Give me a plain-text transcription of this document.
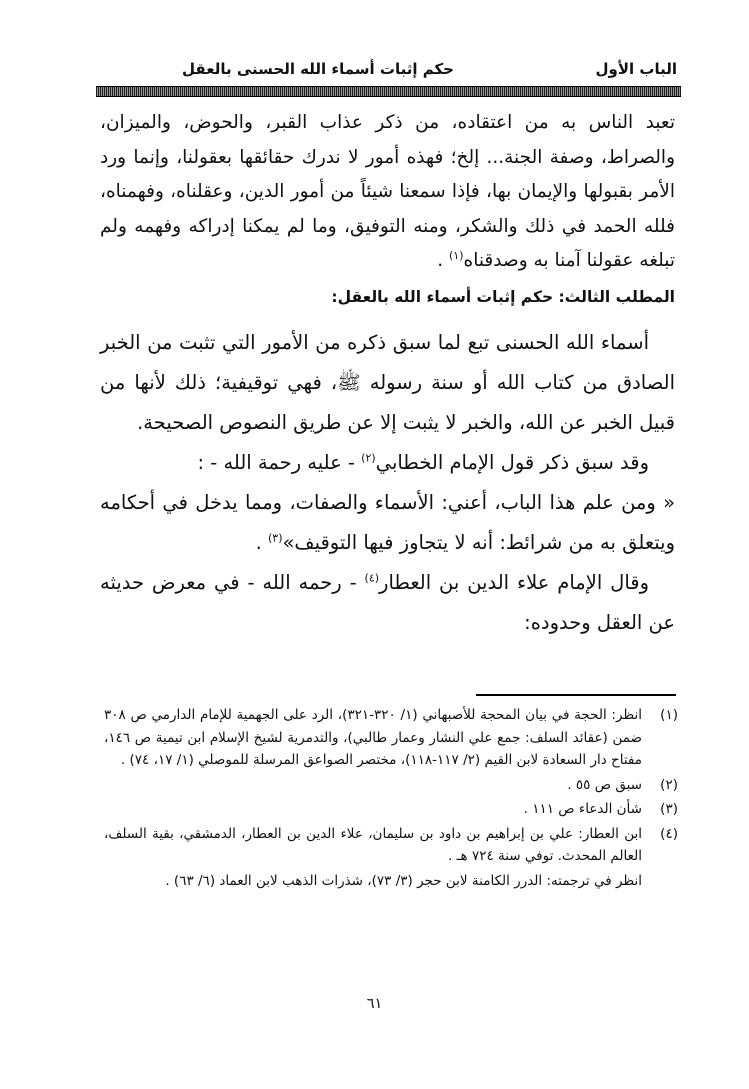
الباب الأول
حكم إثبات أسماء الله الحسنى بالعقل

تعبد الناس به من اعتقاده، من ذكر عذاب القبر، والحوض، والميزان، والصراط، وصفة الجنة... إلخ؛ فهذه أمور لا ندرك حقائقها بعقولنا، وإنما ورد الأمر بقبولها والإيمان بها، فإذا سمعنا شيئاً من أمور الدين، وعقلناه، وفهمناه، فلله الحمد في ذلك والشكر، ومنه التوفيق، وما لم يمكنا إدراكه وفهمه ولم تبلغه عقولنا آمنا به وصدقناه$^{(١)}$ .

المطلب الثالث: حكم إثبات أسماء الله بالعقل:

أسماء الله الحسنى تبع لما سبق ذكره من الأمور التي تثبت من الخبر الصادق من كتاب الله أو سنة رسوله ﷺ، فهي توقيفية؛ ذلك لأنها من قبيل الخبر عن الله، والخبر لا يثبت إلا عن طريق النصوص الصحيحة.

وقد سبق ذكر قول الإمام الخطابي$^{(٢)}$ - عليه رحمة الله - :

« ومن علم هذا الباب، أعني: الأسماء والصفات، ومما يدخل في أحكامه ويتعلق به من شرائط: أنه لا يتجاوز فيها التوقيف»$^{(٣)}$ .

وقال الإمام علاء الدين بن العطار$^{(٤)}$ - رحمه الله - في معرض حديثه عن العقل وحدوده:

(١)
انظر: الحجة في بيان المحجة للأصبهاني (١/ ٣٢٠-٣٢١)، الرد على الجهمية للإمام الدارمي ص ٣٠٨ ضمن (عقائد السلف: جمع علي النشار وعمار طالبي)، والتدمرية لشيخ الإسلام ابن تيمية ص ١٤٦، مفتاح دار السعادة لابن القيم (٢/ ١١٧-١١٨)، مختصر الصواعق المرسلة للموصلي (١/ ١٧، ٧٤) .
(٢)
سبق ص ٥٥ .
(٣)
شأن الدعاء ص ١١١ .
(٤)
ابن العطار: علي بن إبراهيم بن داود بن سليمان، علاء الدين بن العطار، الدمشقي، بقية السلف، العالم المحدث. توفي سنة ٧٢٤ هـ .
انظر في ترجمته: الدرر الكامنة لابن حجر (٣/ ٧٣)، شذرات الذهب لابن العماد (٦/ ٦٣) .
٦١
